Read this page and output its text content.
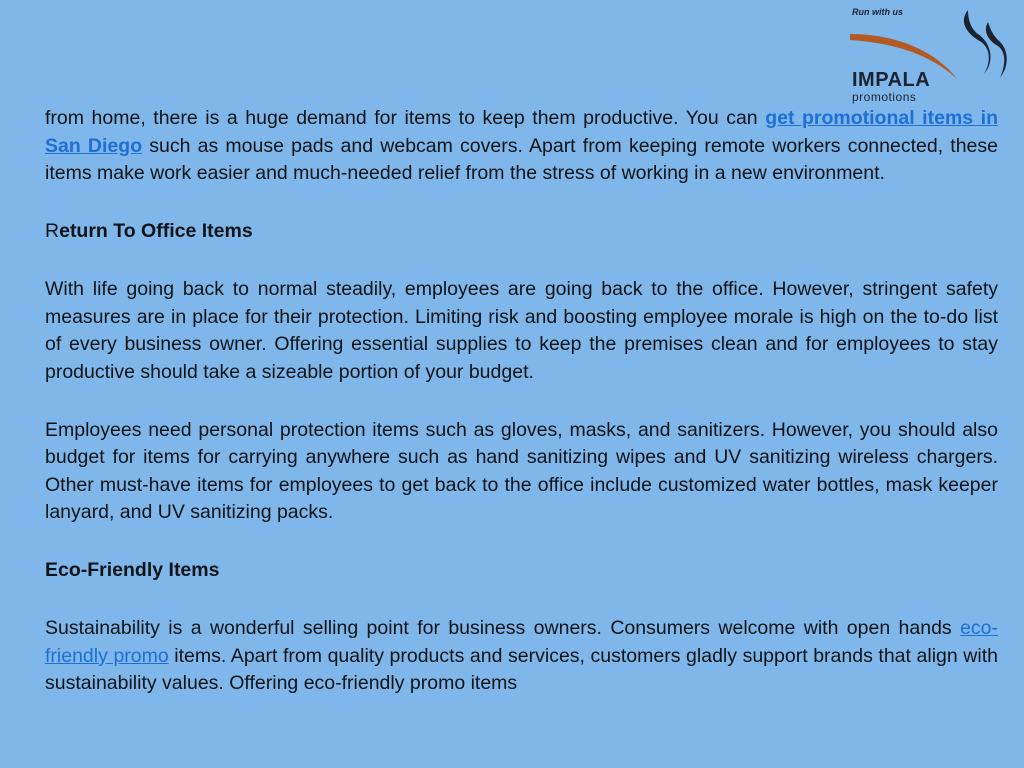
Run with us
IMPALA
promotions

from home, there is a huge demand for items to keep them productive. You can get promotional items in San Diego such as mouse pads and webcam covers. Apart from keeping remote workers connected, these items make work easier and much-needed relief from the stress of working in a new environment.

Return To Office Items

With life going back to normal steadily, employees are going back to the office. However, stringent safety measures are in place for their protection. Limiting risk and boosting employee morale is high on the to-do list of every business owner. Offering essential supplies to keep the premises clean and for employees to stay productive should take a sizeable portion of your budget.

Employees need personal protection items such as gloves, masks, and sanitizers. However, you should also budget for items for carrying anywhere such as hand sanitizing wipes and UV sanitizing wireless chargers. Other must-have items for employees to get back to the office include customized water bottles, mask keeper lanyard, and UV sanitizing packs.

Eco-Friendly Items

Sustainability is a wonderful selling point for business owners. Consumers welcome with open hands eco-friendly promo items. Apart from quality products and services, customers gladly support brands that align with sustainability values. Offering eco-friendly promo items
